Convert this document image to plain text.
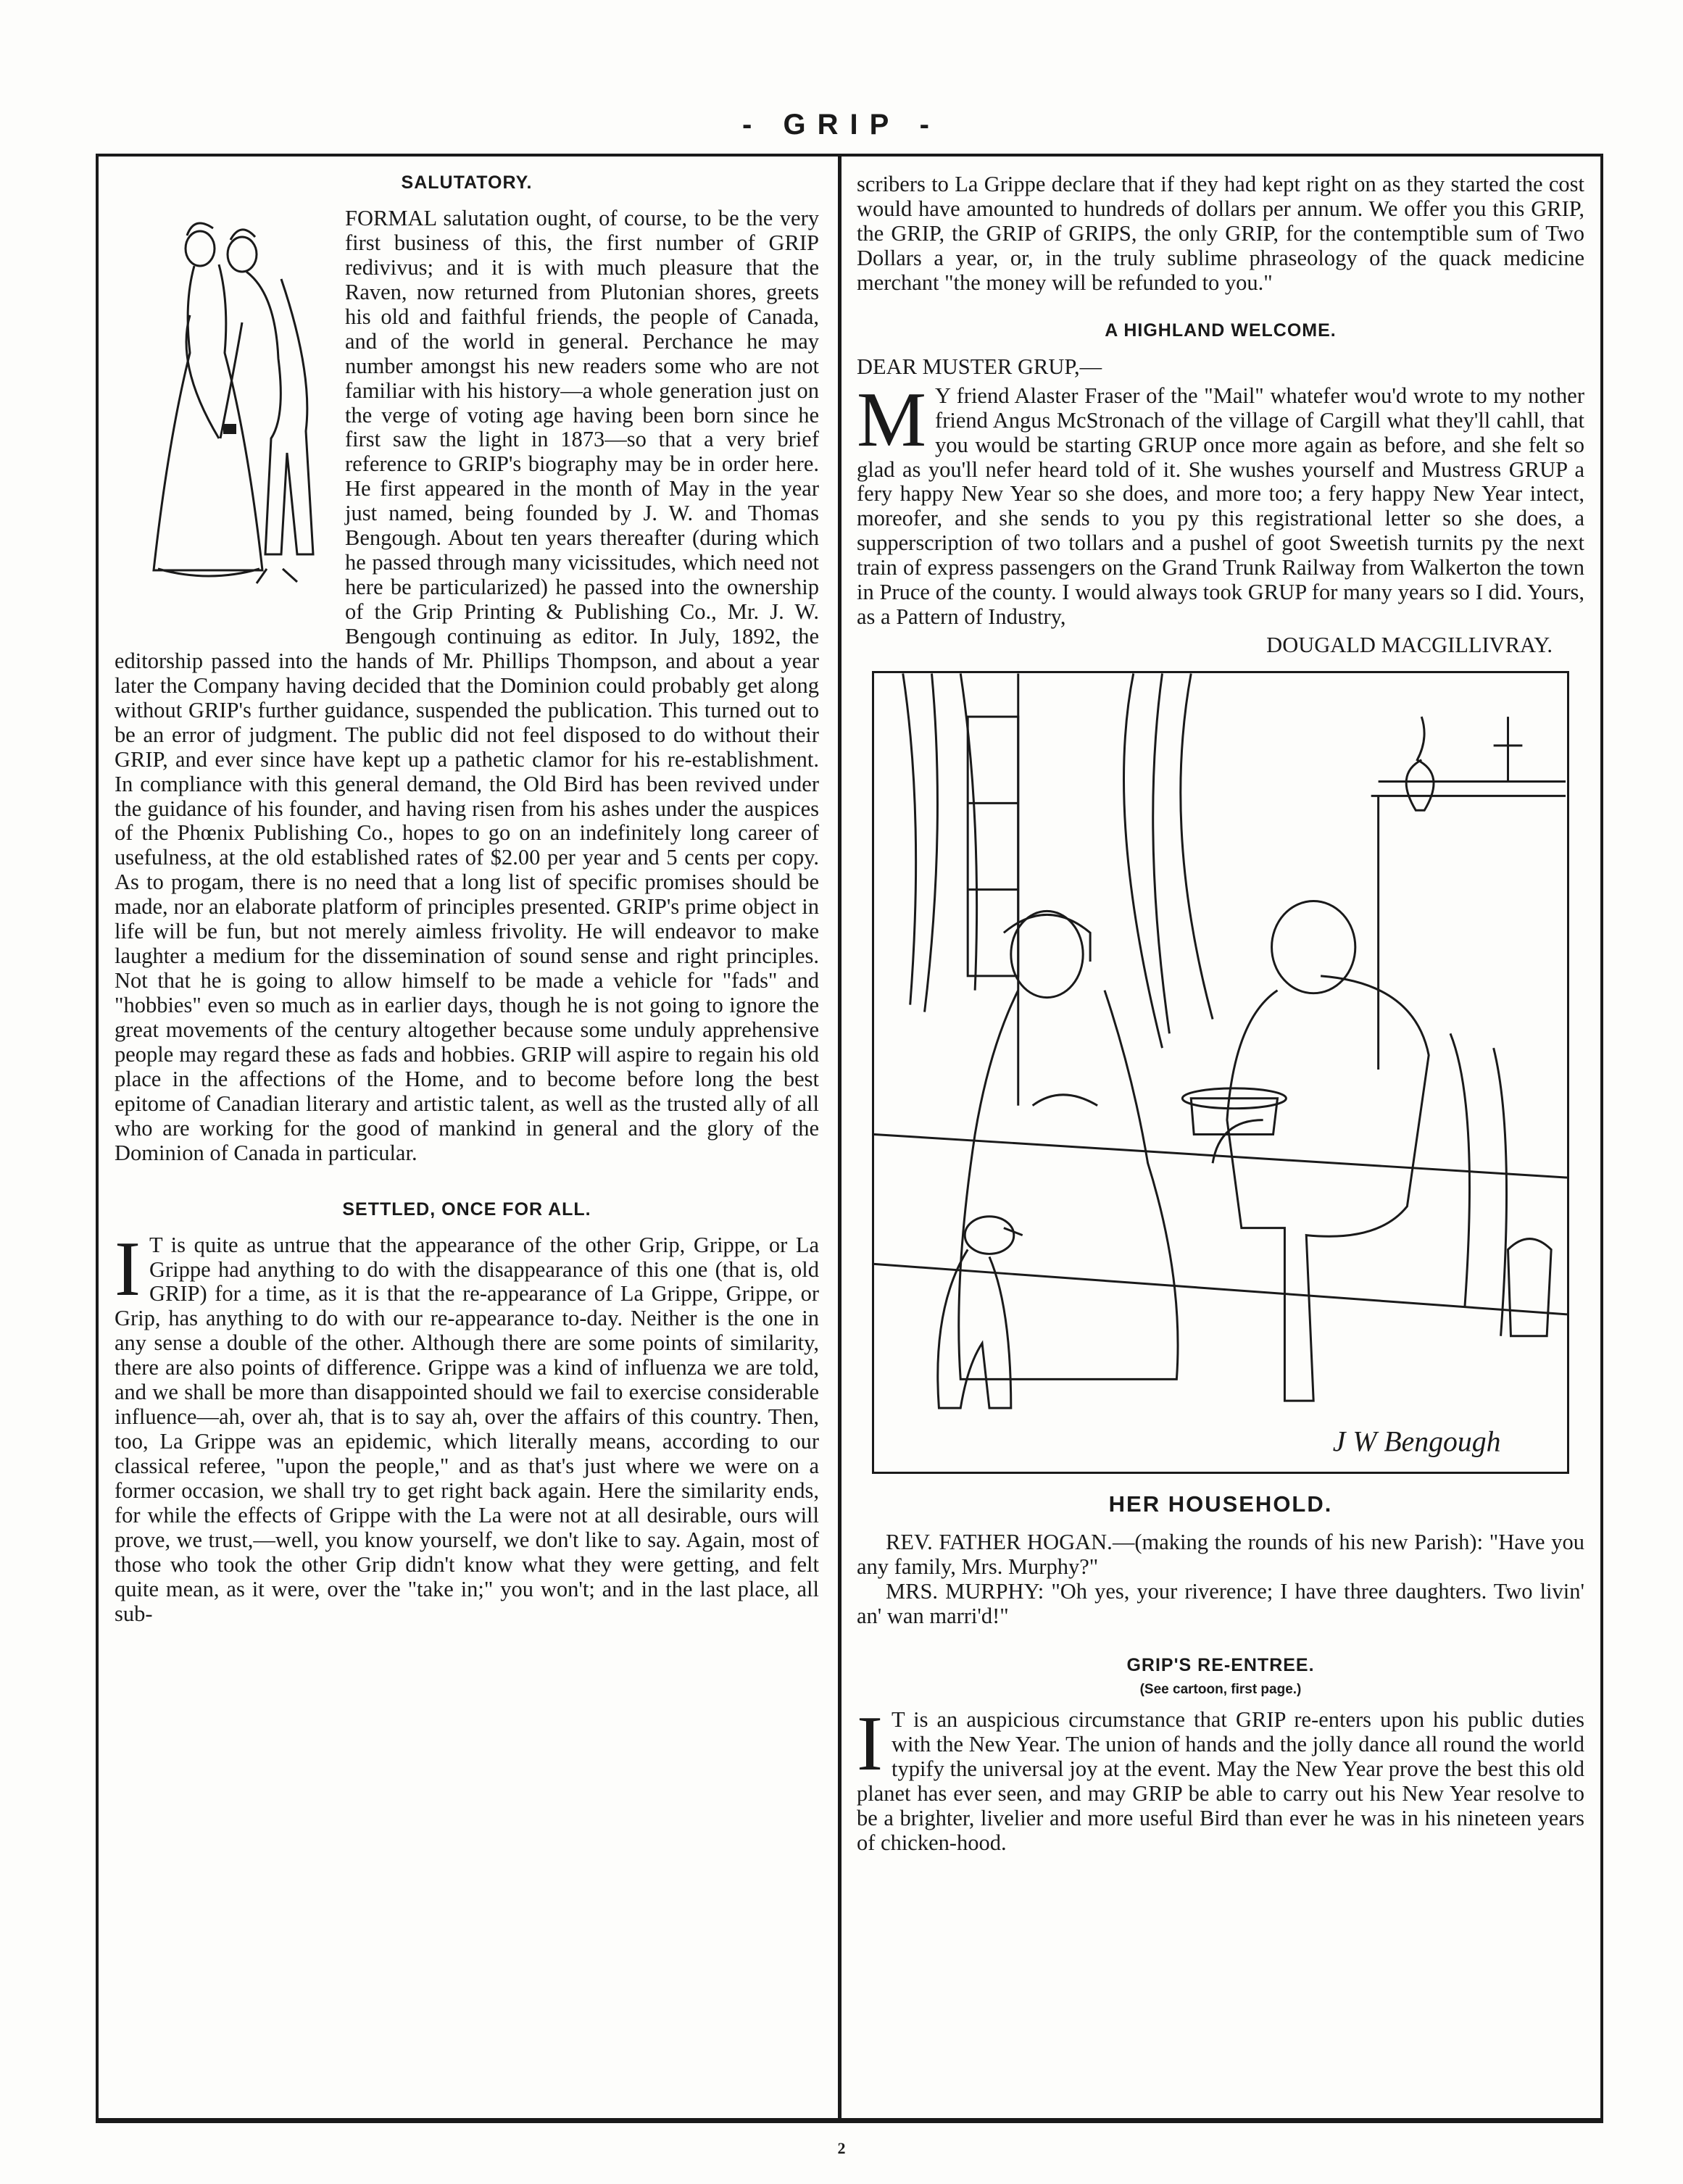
- GRIP -
SALUTATORY.

FORMAL salutation ought, of course, to be the very first business of this, the first number of GRIP redivivus; and it is with much pleasure that the Raven, now returned from Plutonian shores, greets his old and faithful friends, the people of Canada, and of the world in general. Perchance he may number amongst his new readers some who are not familiar with his history—a whole generation just on the verge of voting age having been born since he first saw the light in 1873—so that a very brief reference to GRIP's biography may be in order here. He first appeared in the month of May in the year just named, being founded by J. W. and Thomas Bengough. About ten years thereafter (during which he passed through many vicissitudes, which need not here be particularized) he passed into the ownership of the Grip Printing & Publishing Co., Mr. J. W. Bengough continuing as editor. In July, 1892, the editorship passed into the hands of Mr. Phillips Thompson, and about a year later the Company having decided that the Dominion could probably get along without GRIP's further guidance, suspended the publication. This turned out to be an error of judgment. The public did not feel disposed to do without their GRIP, and ever since have kept up a pathetic clamor for his re-establishment. In compliance with this general demand, the Old Bird has been revived under the guidance of his founder, and having risen from his ashes under the auspices of the Phœnix Publishing Co., hopes to go on an indefinitely long career of usefulness, at the old established rates of $2.00 per year and 5 cents per copy. As to progam, there is no need that a long list of specific promises should be made, nor an elaborate platform of principles presented. GRIP's prime object in life will be fun, but not merely aimless frivolity. He will endeavor to make laughter a medium for the dissemination of sound sense and right principles. Not that he is going to allow himself to be made a vehicle for "fads" and "hobbies" even so much as in earlier days, though he is not going to ignore the great movements of the century altogether because some unduly apprehensive people may regard these as fads and hobbies. GRIP will aspire to regain his old place in the affections of the Home, and to become before long the best epitome of Canadian literary and artistic talent, as well as the trusted ally of all who are working for the good of mankind in general and the glory of the Dominion of Canada in particular.

SETTLED, ONCE FOR ALL.

I T is quite as untrue that the appearance of the other Grip, Grippe, or La Grippe had anything to do with the disappearance of this one (that is, old GRIP) for a time, as it is that the re-appearance of La Grippe, Grippe, or Grip, has anything to do with our re-appearance to-day. Neither is the one in any sense a double of the other. Although there are some points of similarity, there are also points of difference. Grippe was a kind of influenza we are told, and we shall be more than disappointed should we fail to exercise considerable influence—ah, over ah, that is to say ah, over the affairs of this country. Then, too, La Grippe was an epidemic, which literally means, according to our classical referee, "upon the people," and as that's just where we were on a former occasion, we shall try to get right back again. Here the similarity ends, for while the effects of Grippe with the La were not at all desirable, ours will prove, we trust,—well, you know yourself, we don't like to say. Again, most of those who took the other Grip didn't know what they were getting, and felt quite mean, as it were, over the "take in;" you won't; and in the last place, all sub-

scribers to La Grippe declare that if they had kept right on as they started the cost would have amounted to hundreds of dollars per annum. We offer you this GRIP, the GRIP, the GRIP of GRIPS, the only GRIP, for the contemptible sum of Two Dollars a year, or, in the truly sublime phraseology of the quack medicine merchant "the money will be refunded to you."

A HIGHLAND WELCOME.
DEAR MUSTER GRUP,—

M Y friend Alaster Fraser of the "Mail" whatefer wou'd wrote to my nother friend Angus McStronach of the village of Cargill what they'll cahll, that you would be starting GRUP once more again as before, and she felt so glad as you'll nefer heard told of it. She wushes yourself and Mustress GRUP a fery happy New Year so she does, and more too; a fery happy New Year intect, moreofer, and she sends to you py this registrational letter so she does, a supperscription of two tollars and a pushel of goot Sweetish turnits py the next train of express passengers on the Grand Trunk Railway from Walkerton the town in Pruce of the county. I would always took GRUP for many years so I did. Yours, as a Pattern of Industry,

DOUGALD MACGILLIVRAY.
J W Bengough
HER HOUSEHOLD.

REV. FATHER HOGAN.—(making the rounds of his new Parish): "Have you any family, Mrs. Murphy?"

MRS. MURPHY: "Oh yes, your riverence; I have three daughters. Two livin' an' wan marri'd!"

GRIP'S RE-ENTREE.
(See cartoon, first page.)

I T is an auspicious circumstance that GRIP re-enters upon his public duties with the New Year. The union of hands and the jolly dance all round the world typify the universal joy at the event. May the New Year prove the best this old planet has ever seen, and may GRIP be able to carry out his New Year resolve to be a brighter, livelier and more useful Bird than ever he was in his nineteen years of chicken-hood.

2
